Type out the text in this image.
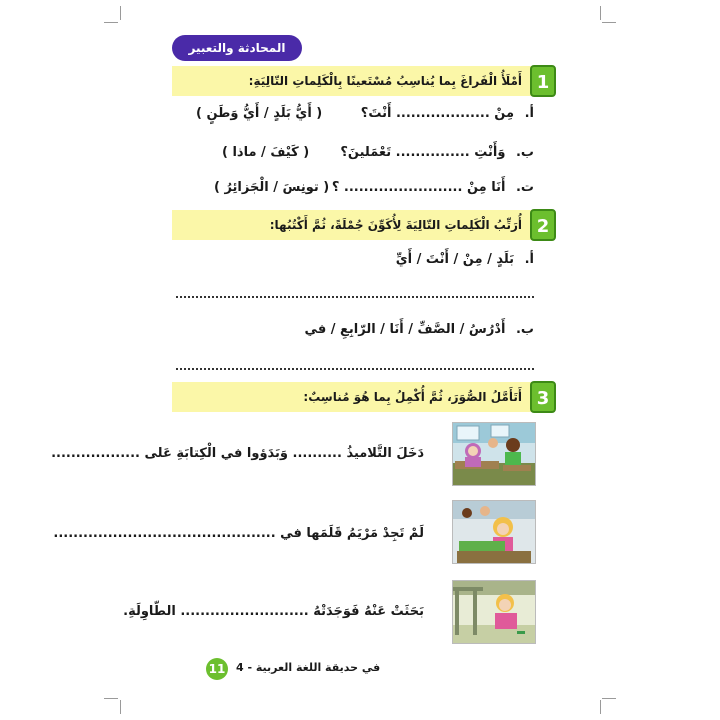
المحادثة والتعبير
1
أَمْلَأُ الْفَراغَ بِما يُناسِبُ مُسْتَعينًا بِالْكَلِماتِ التّالِيَةِ:
أ. مِنْ ................... أَنْتَ؟
( أَيُّ بَلَدٍ / أَيُّ وَطَنٍ )
ب. وَأَنْتِ ............... تَعْمَلينَ؟
( كَيْفَ / ماذا )
ت. أَنَا مِنْ ........................ ؟
( تونِسَ / الْجَزائِرُ )
2
أُرَتِّبُ الْكَلِماتِ التّالِيَةَ لِأُكَوِّنَ جُمْلَةً، ثُمَّ أَكْتُبُها:
أ. بَلَدٍ / مِنْ / أَنْتَ / أَيِّ
ب. أَدْرُسُ / الصَّفِّ / أَنَا / الرّابِعِ / في
3
أَتَأَمَّلُ الصُّوَرَ، ثُمَّ أُكْمِلُ بِما هُوَ مُناسِبٌ:
دَخَلَ التَّلاميذُ .......... وَبَدَؤوا في الْكِتابَةِ عَلى ..................
لَمْ تَجِدْ مَرْيَمُ قَلَمَها في .............................................
بَحَثَتْ عَنْهُ فَوَجَدَتْهُ .......................... الطّاوِلَةِ.
11 في حديقة اللغة العربية - 4
